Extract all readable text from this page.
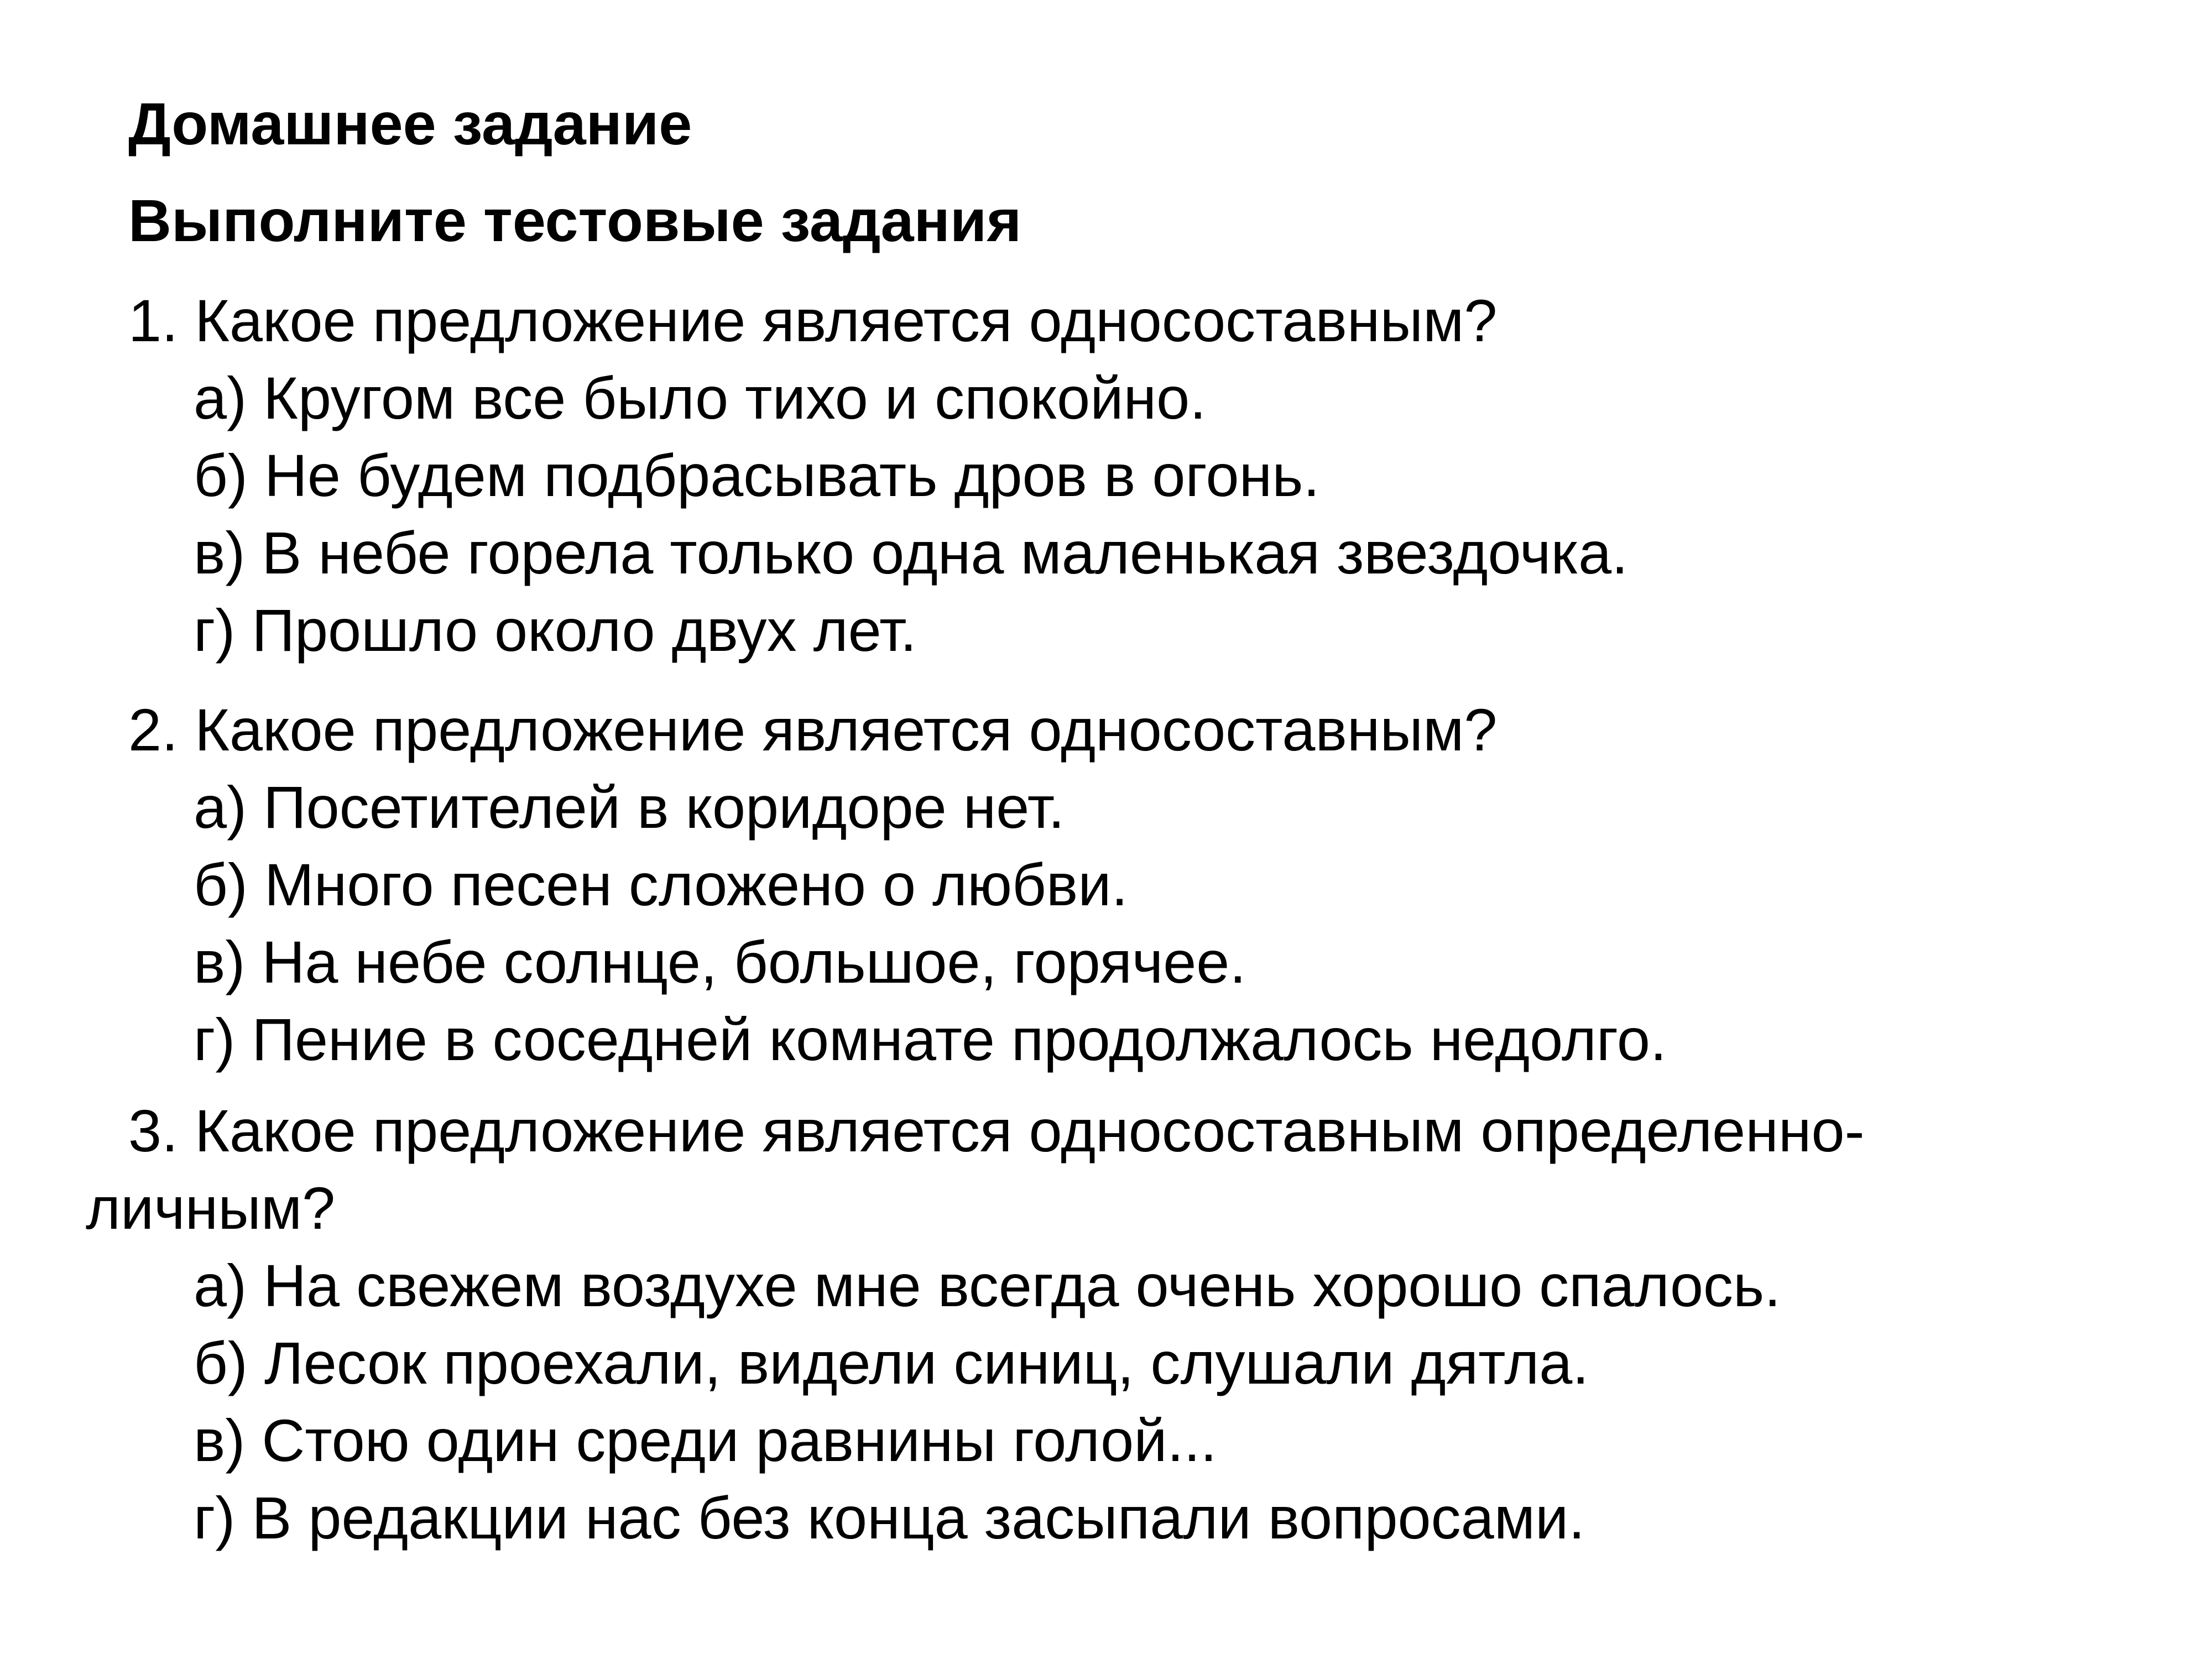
Домашнее задание
Выполните тестовые задания

1. Какое предложение является односоставным?

а) Кругом все было тихо и спокойно.
б) Не будем подбрасывать дров в огонь.
в) В небе горела только одна маленькая звездочка.
г) Прошло около двух лет.

2. Какое предложение является односоставным?

а) Посетителей в коридоре нет.
б) Много песен сложено о любви.
в) На небе солнце, большое, горячее.
г) Пение в соседней комнате продолжалось недолго.

3. Какое предложение является односоставным определенно-личным?

а) На свежем воздухе мне всегда очень хорошо спалось.
б) Лесок проехали, видели синиц, слушали дятла.
в) Стою один среди равнины голой...
г) В редакции нас без конца засыпали вопросами.
